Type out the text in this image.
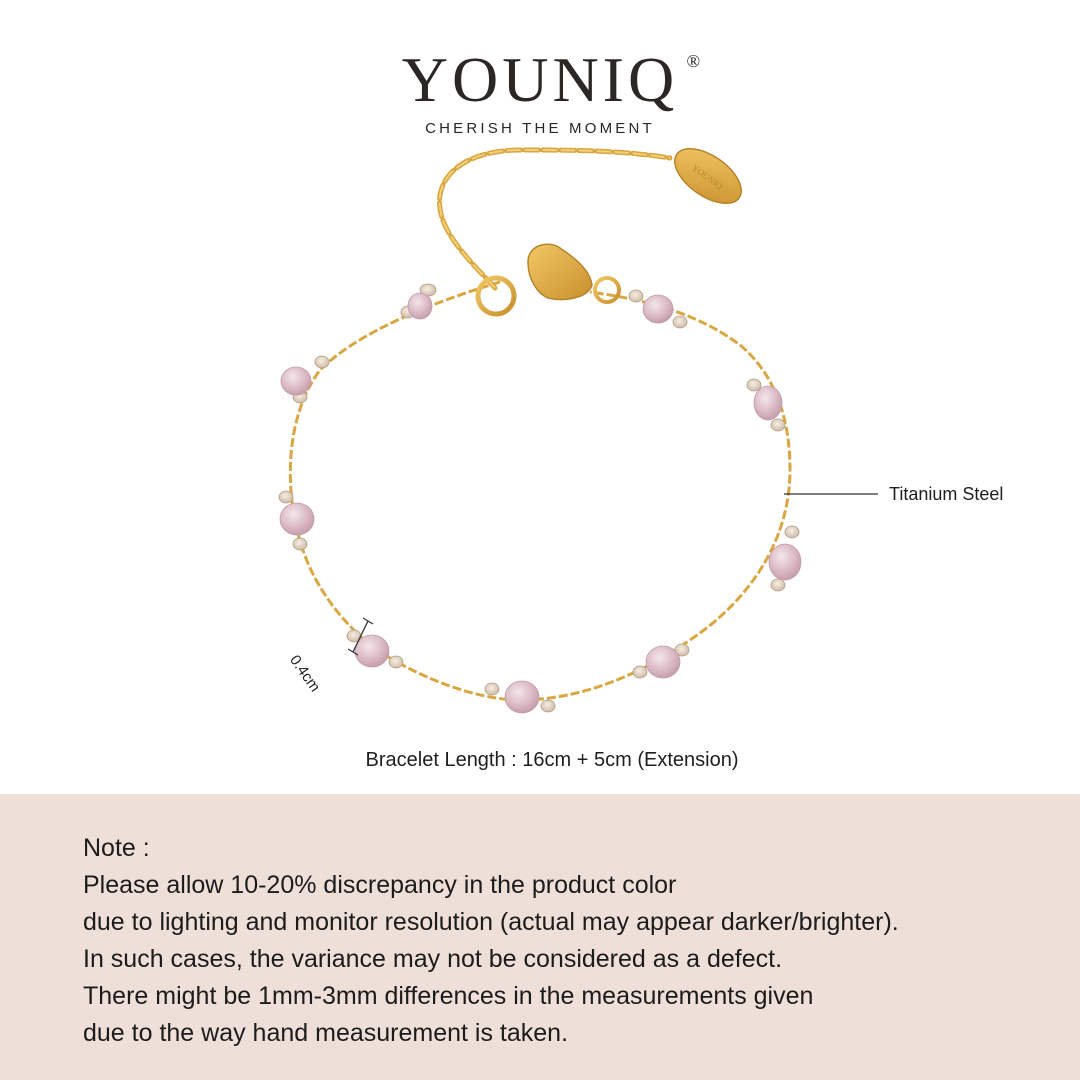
YOUNIQ ®
CHERISH THE MOMENT
YOUNIQ
Titanium Steel
0.4cm
Bracelet Length : 16cm + 5cm (Extension)
Note :
Please allow 10-20% discrepancy in the product color
due to lighting and monitor resolution (actual may appear darker/brighter).
In such cases, the variance may not be considered as a defect.
There might be 1mm-3mm differences in the measurements given
due to the way hand measurement is taken.
